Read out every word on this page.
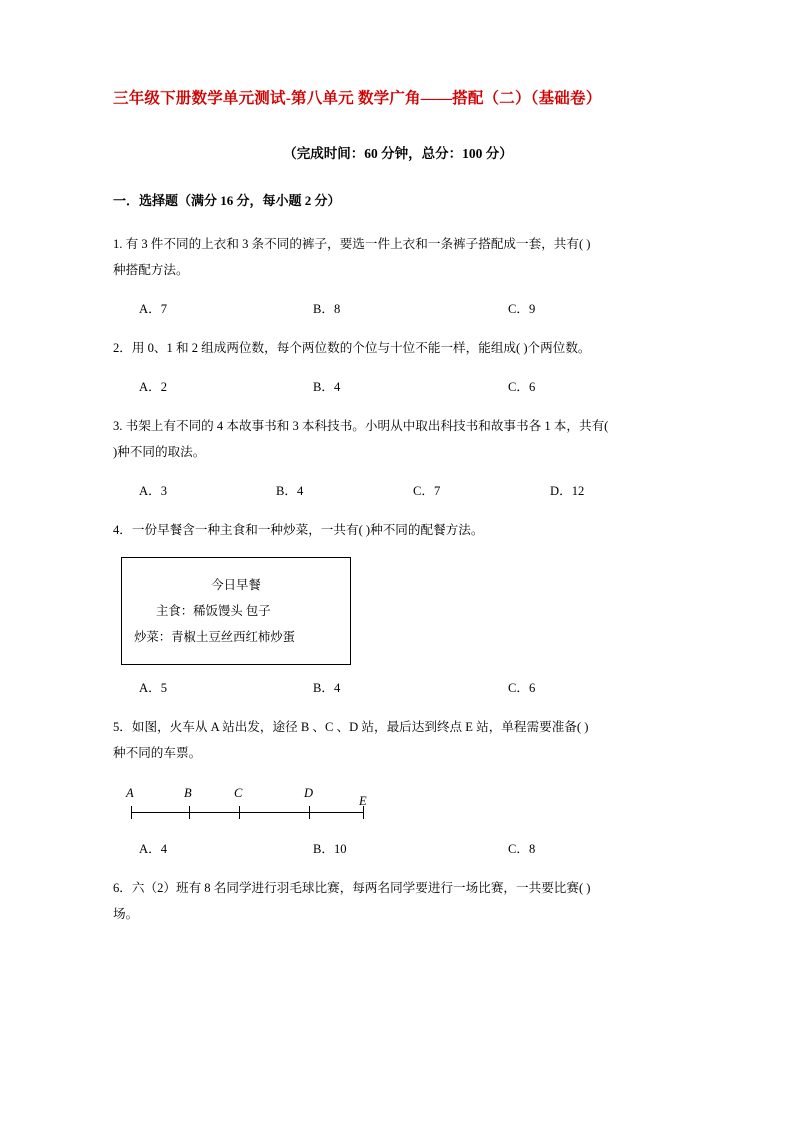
三年级下册数学单元测试-第八单元 数学广角——搭配（二）（基础卷）
（完成时间：60 分钟，总分：100 分）
一．选择题（满分 16 分，每小题 2 分）
1. 有 3 件不同的上衣和 3 条不同的裤子，要选一件上衣和一条裤子搭配成一套，共有( )
种搭配方法。
A．7	B．8	C．9
2．用 0、1 和 2 组成两位数，每个两位数的个位与十位不能一样，能组成( )个两位数。
A．2	B．4	C．6
3. 书架上有不同的 4 本故事书和 3 本科技书。小明从中取出科技书和故事书各 1 本，共有(
)种不同的取法。
A．3	B．4	C．7	D．12
4．一份早餐含一种主食和一种炒菜，一共有( )种不同的配餐方法。
今日早餐
主食：稀饭馒头 包子
炒菜：青椒土豆丝西红柿炒蛋
A．5	B．4	C．6
5．如图，火车从 A 站出发，途径 B 、C 、D 站，最后达到终点 E 站，单程需要准备( )
种不同的车票。
A	B	C	D
E
A．4	B．10	C．8
6．六（2）班有 8 名同学进行羽毛球比赛，每两名同学要进行一场比赛，一共要比赛( )
场。
